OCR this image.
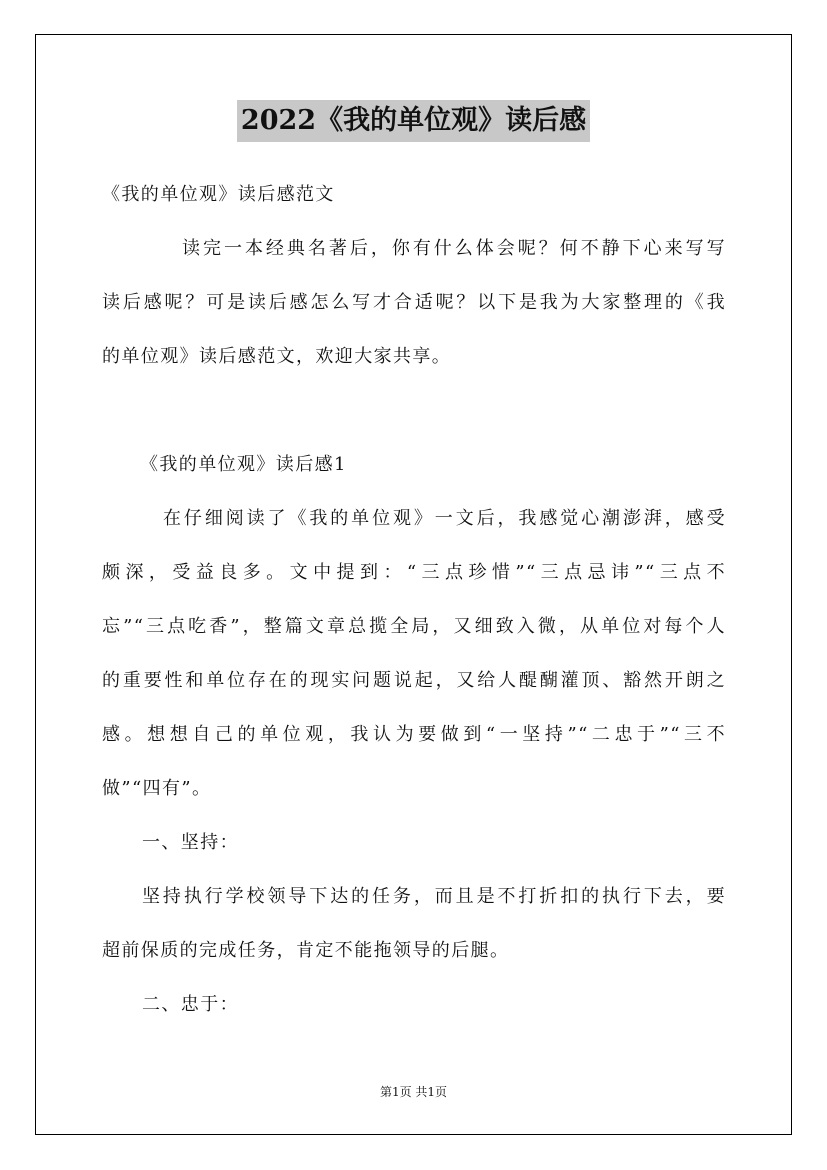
2022《我的单位观》读后感
《我的单位观》读后感范文
读完一本经典名著后，你有什么体会呢？何不静下心来写写
读后感呢？可是读后感怎么写才合适呢？以下是我为大家整理的《我
的单位观》读后感范文，欢迎大家共享。
《我的单位观》读后感1
在仔细阅读了《我的单位观》一文后，我感觉心潮澎湃，感受
颇深，受益良多。文中提到：“三点珍惜”“三点忌讳”“三点不
忘”“三点吃香”，整篇文章总揽全局，又细致入微，从单位对每个人
的重要性和单位存在的现实问题说起，又给人醍醐灌顶、豁然开朗之
感。想想自己的单位观，我认为要做到“一坚持”“二忠于”“三不
做”“四有”。
一、坚持：
坚持执行学校领导下达的任务，而且是不打折扣的执行下去，要
超前保质的完成任务，肯定不能拖领导的后腿。
二、忠于：
第1页 共1页
